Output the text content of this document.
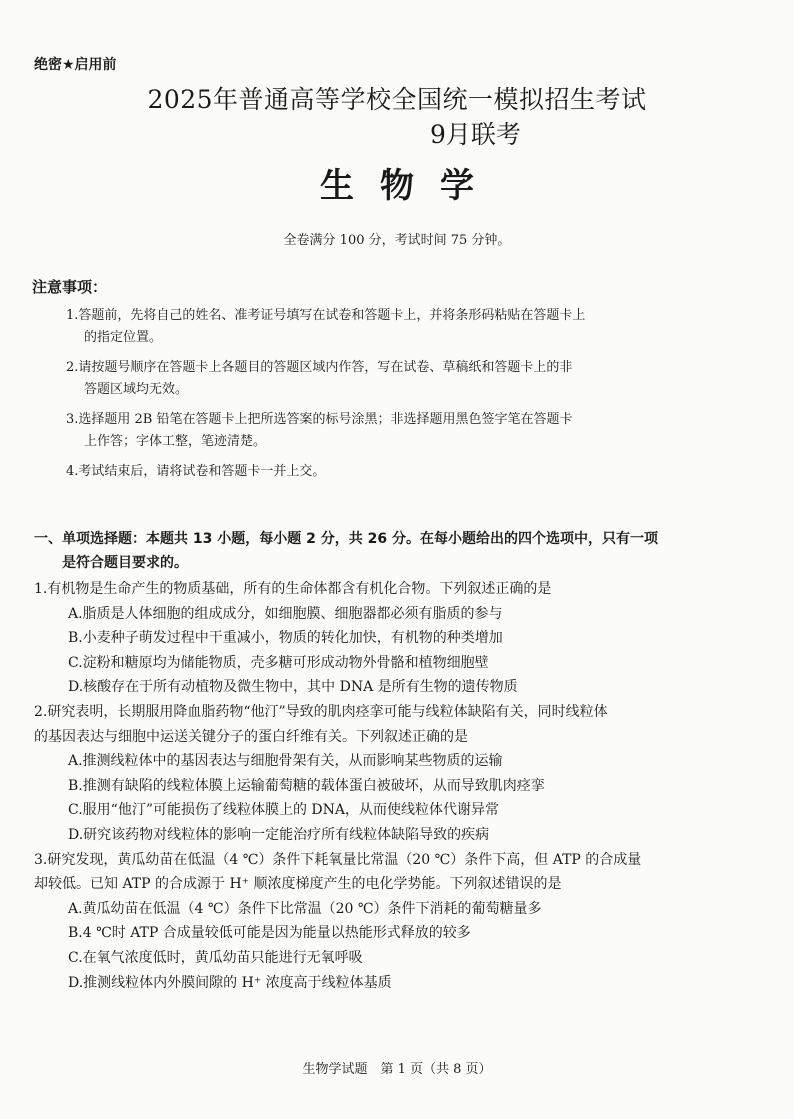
绝密★启用前
2025年普通高等学校全国统一模拟招生考试
9月联考
生物学
全卷满分 100 分，考试时间 75 分钟。
注意事项：
1.答题前，先将自己的姓名、准考证号填写在试卷和答题卡上，并将条形码粘贴在答题卡上
的指定位置。
2.请按题号顺序在答题卡上各题目的答题区域内作答，写在试卷、草稿纸和答题卡上的非
答题区域均无效。
3.选择题用 2B 铅笔在答题卡上把所选答案的标号涂黑；非选择题用黑色签字笔在答题卡
上作答；字体工整，笔迹清楚。
4.考试结束后，请将试卷和答题卡一并上交。
一、单项选择题：本题共 13 小题，每小题 2 分，共 26 分。在每小题给出的四个选项中，只有一项
是符合题目要求的。
1.有机物是生命产生的物质基础，所有的生命体都含有机化合物。下列叙述正确的是
A.脂质是人体细胞的组成成分，如细胞膜、细胞器都必须有脂质的参与
B.小麦种子萌发过程中干重减小，物质的转化加快，有机物的种类增加
C.淀粉和糖原均为储能物质，壳多糖可形成动物外骨骼和植物细胞壁
D.核酸存在于所有动植物及微生物中，其中 DNA 是所有生物的遗传物质
2.研究表明，长期服用降血脂药物“他汀”导致的肌肉痉挛可能与线粒体缺陷有关，同时线粒体
的基因表达与细胞中运送关键分子的蛋白纤维有关。下列叙述正确的是
A.推测线粒体中的基因表达与细胞骨架有关，从而影响某些物质的运输
B.推测有缺陷的线粒体膜上运输葡萄糖的载体蛋白被破坏，从而导致肌肉痉挛
C.服用“他汀”可能损伤了线粒体膜上的 DNA，从而使线粒体代谢异常
D.研究该药物对线粒体的影响一定能治疗所有线粒体缺陷导致的疾病
3.研究发现，黄瓜幼苗在低温（4 ℃）条件下耗氧量比常温（20 ℃）条件下高，但 ATP 的合成量
却较低。已知 ATP 的合成源于 H⁺ 顺浓度梯度产生的电化学势能。下列叙述错误的是
A.黄瓜幼苗在低温（4 ℃）条件下比常温（20 ℃）条件下消耗的葡萄糖量多
B.4 ℃时 ATP 合成量较低可能是因为能量以热能形式释放的较多
C.在氧气浓度低时，黄瓜幼苗只能进行无氧呼吸
D.推测线粒体内外膜间隙的 H⁺ 浓度高于线粒体基质
生物学试题　第 1 页（共 8 页）
